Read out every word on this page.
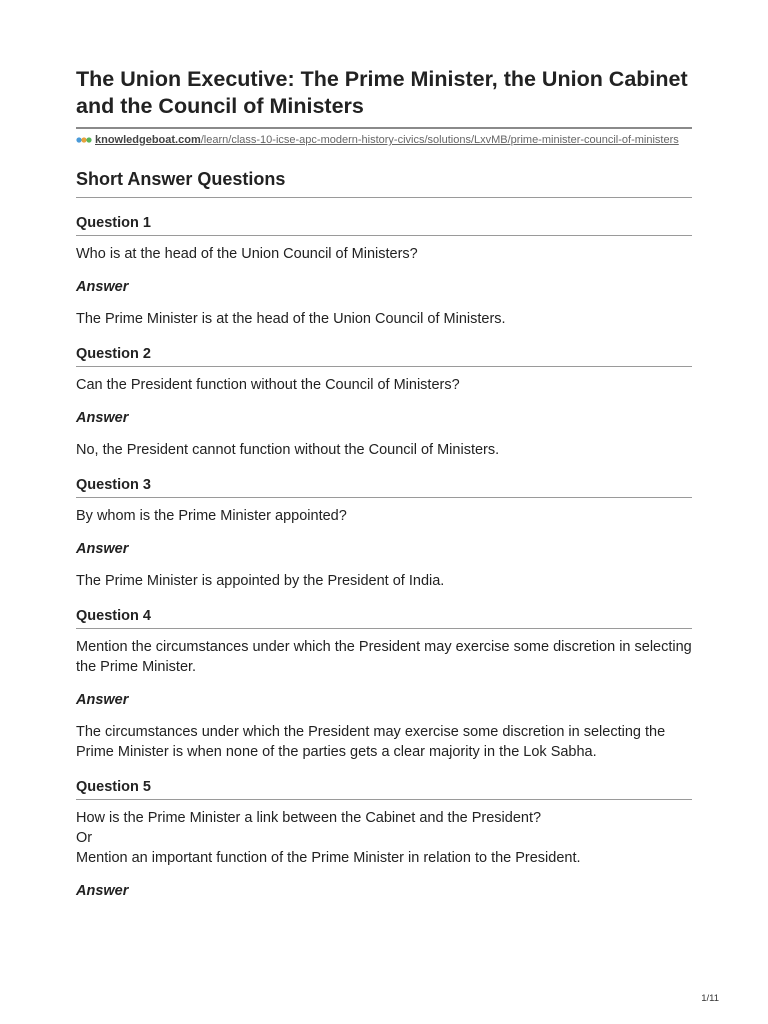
The Union Executive: The Prime Minister, the Union Cabinet and the Council of Ministers
knowledgeboat.com/learn/class-10-icse-apc-modern-history-civics/solutions/LxvMB/prime-minister-council-of-ministers
Short Answer Questions
Question 1
Who is at the head of the Union Council of Ministers?
Answer
The Prime Minister is at the head of the Union Council of Ministers.
Question 2
Can the President function without the Council of Ministers?
Answer
No, the President cannot function without the Council of Ministers.
Question 3
By whom is the Prime Minister appointed?
Answer
The Prime Minister is appointed by the President of India.
Question 4
Mention the circumstances under which the President may exercise some discretion in selecting the Prime Minister.
Answer
The circumstances under which the President may exercise some discretion in selecting the Prime Minister is when none of the parties gets a clear majority in the Lok Sabha.
Question 5
How is the Prime Minister a link between the Cabinet and the President?
Or
Mention an important function of the Prime Minister in relation to the President.
Answer
1/11
